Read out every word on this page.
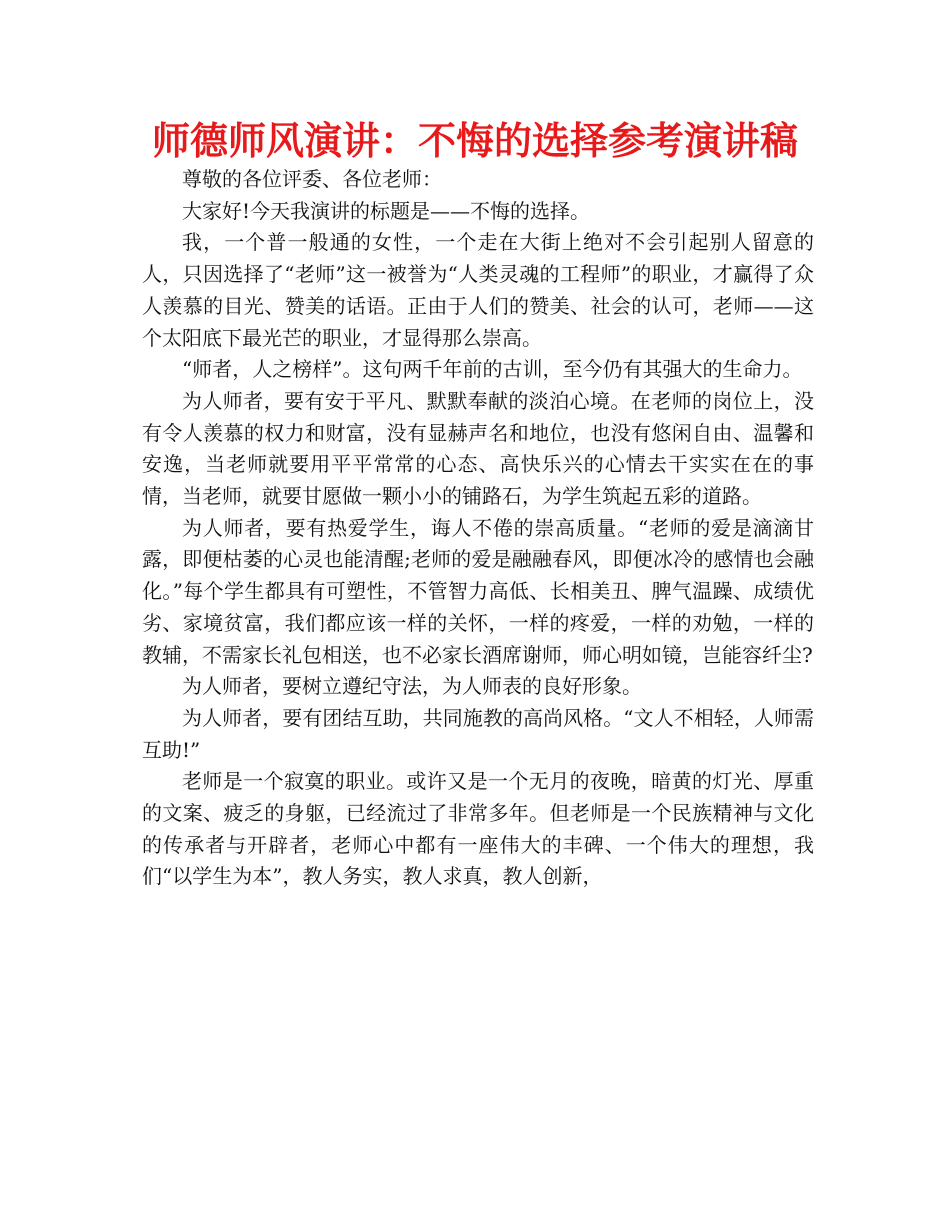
师德师风演讲：不悔的选择参考演讲稿

尊敬的各位评委、各位老师：

大家好!今天我演讲的标题是——不悔的选择。

我，一个普一般通的女性，一个走在大街上绝对不会引起别人留意的人，只因选择了“老师”这一被誉为“人类灵魂的工程师”的职业，才赢得了众人羡慕的目光、赞美的话语。正由于人们的赞美、社会的认可，老师——这个太阳底下最光芒的职业，才显得那么崇高。

“师者，人之榜样”。这句两千年前的古训，至今仍有其强大的生命力。

为人师者，要有安于平凡、默默奉献的淡泊心境。在老师的岗位上，没有令人羡慕的权力和财富，没有显赫声名和地位，也没有悠闲自由、温馨和安逸，当老师就要用平平常常的心态、高快乐兴的心情去干实实在在的事情，当老师，就要甘愿做一颗小小的铺路石，为学生筑起五彩的道路。

为人师者，要有热爱学生，诲人不倦的崇高质量。“老师的爱是滴滴甘露，即便枯萎的心灵也能清醒;老师的爱是融融春风，即便冰冷的感情也会融化。”每个学生都具有可塑性，不管智力高低、长相美丑、脾气温躁、成绩优劣、家境贫富，我们都应该一样的关怀，一样的疼爱，一样的劝勉，一样的教辅，不需家长礼包相送，也不必家长酒席谢师，师心明如镜，岂能容纤尘?

为人师者，要树立遵纪守法，为人师表的良好形象。

为人师者，要有团结互助，共同施教的高尚风格。“文人不相轻，人师需互助!”

老师是一个寂寞的职业。或许又是一个无月的夜晚，暗黄的灯光、厚重的文案、疲乏的身躯，已经流过了非常多年。但老师是一个民族精神与文化的传承者与开辟者，老师心中都有一座伟大的丰碑、一个伟大的理想，我们“以学生为本”，教人务实，教人求真，教人创新，
